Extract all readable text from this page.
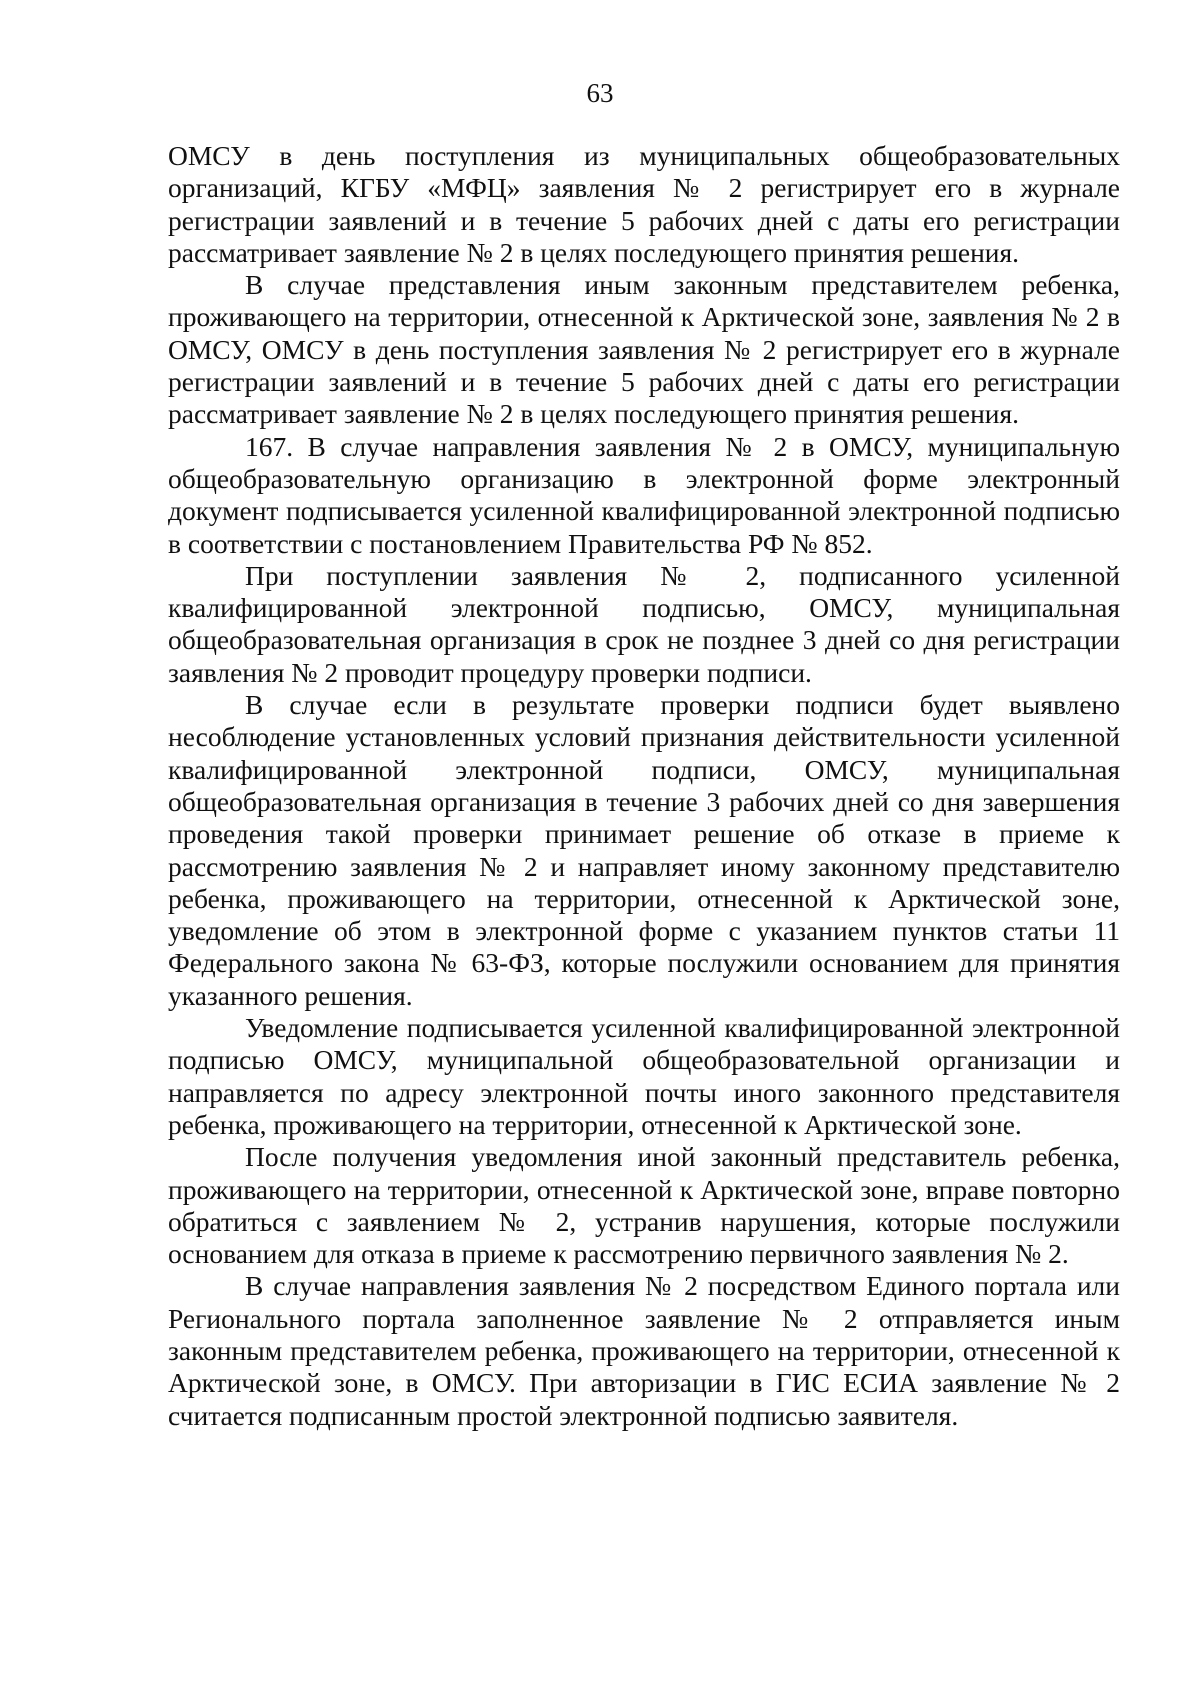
63

ОМСУ в день поступления из муниципальных общеобразовательных организаций, КГБУ «МФЦ» заявления № 2 регистрирует его в журнале регистрации заявлений и в течение 5 рабочих дней с даты его регистрации рассматривает заявление № 2 в целях последующего принятия решения.

В случае представления иным законным представителем ребенка, проживающего на территории, отнесенной к Арктической зоне, заявления № 2 в ОМСУ, ОМСУ в день поступления заявления № 2 регистрирует его в журнале регистрации заявлений и в течение 5 рабочих дней с даты его регистрации рассматривает заявление № 2 в целях последующего принятия решения.

167. В случае направления заявления № 2 в ОМСУ, муниципальную общеобразовательную организацию в электронной форме электронный документ подписывается усиленной квалифицированной электронной подписью в соответствии с постановлением Правительства РФ № 852.

При поступлении заявления № 2, подписанного усиленной квалифицированной электронной подписью, ОМСУ, муниципальная общеобразовательная организация в срок не позднее 3 дней со дня регистрации заявления № 2 проводит процедуру проверки подписи.

В случае если в результате проверки подписи будет выявлено несоблюдение установленных условий признания действительности усиленной квалифицированной электронной подписи, ОМСУ, муниципальная общеобразовательная организация в течение 3 рабочих дней со дня завершения проведения такой проверки принимает решение об отказе в приеме к рассмотрению заявления № 2 и направляет иному законному представителю ребенка, проживающего на территории, отнесенной к Арктической зоне, уведомление об этом в электронной форме с указанием пунктов статьи 11 Федерального закона № 63-ФЗ, которые послужили основанием для принятия указанного решения.

Уведомление подписывается усиленной квалифицированной электронной подписью ОМСУ, муниципальной общеобразовательной организации и направляется по адресу электронной почты иного законного представителя ребенка, проживающего на территории, отнесенной к Арктической зоне.

После получения уведомления иной законный представитель ребенка, проживающего на территории, отнесенной к Арктической зоне, вправе повторно обратиться с заявлением № 2, устранив нарушения, которые послужили основанием для отказа в приеме к рассмотрению первичного заявления № 2.

В случае направления заявления № 2 посредством Единого портала или Регионального портала заполненное заявление № 2 отправляется иным законным представителем ребенка, проживающего на территории, отнесенной к Арктической зоне, в ОМСУ. При авторизации в ГИС ЕСИА заявление № 2 считается подписанным простой электронной подписью заявителя.
